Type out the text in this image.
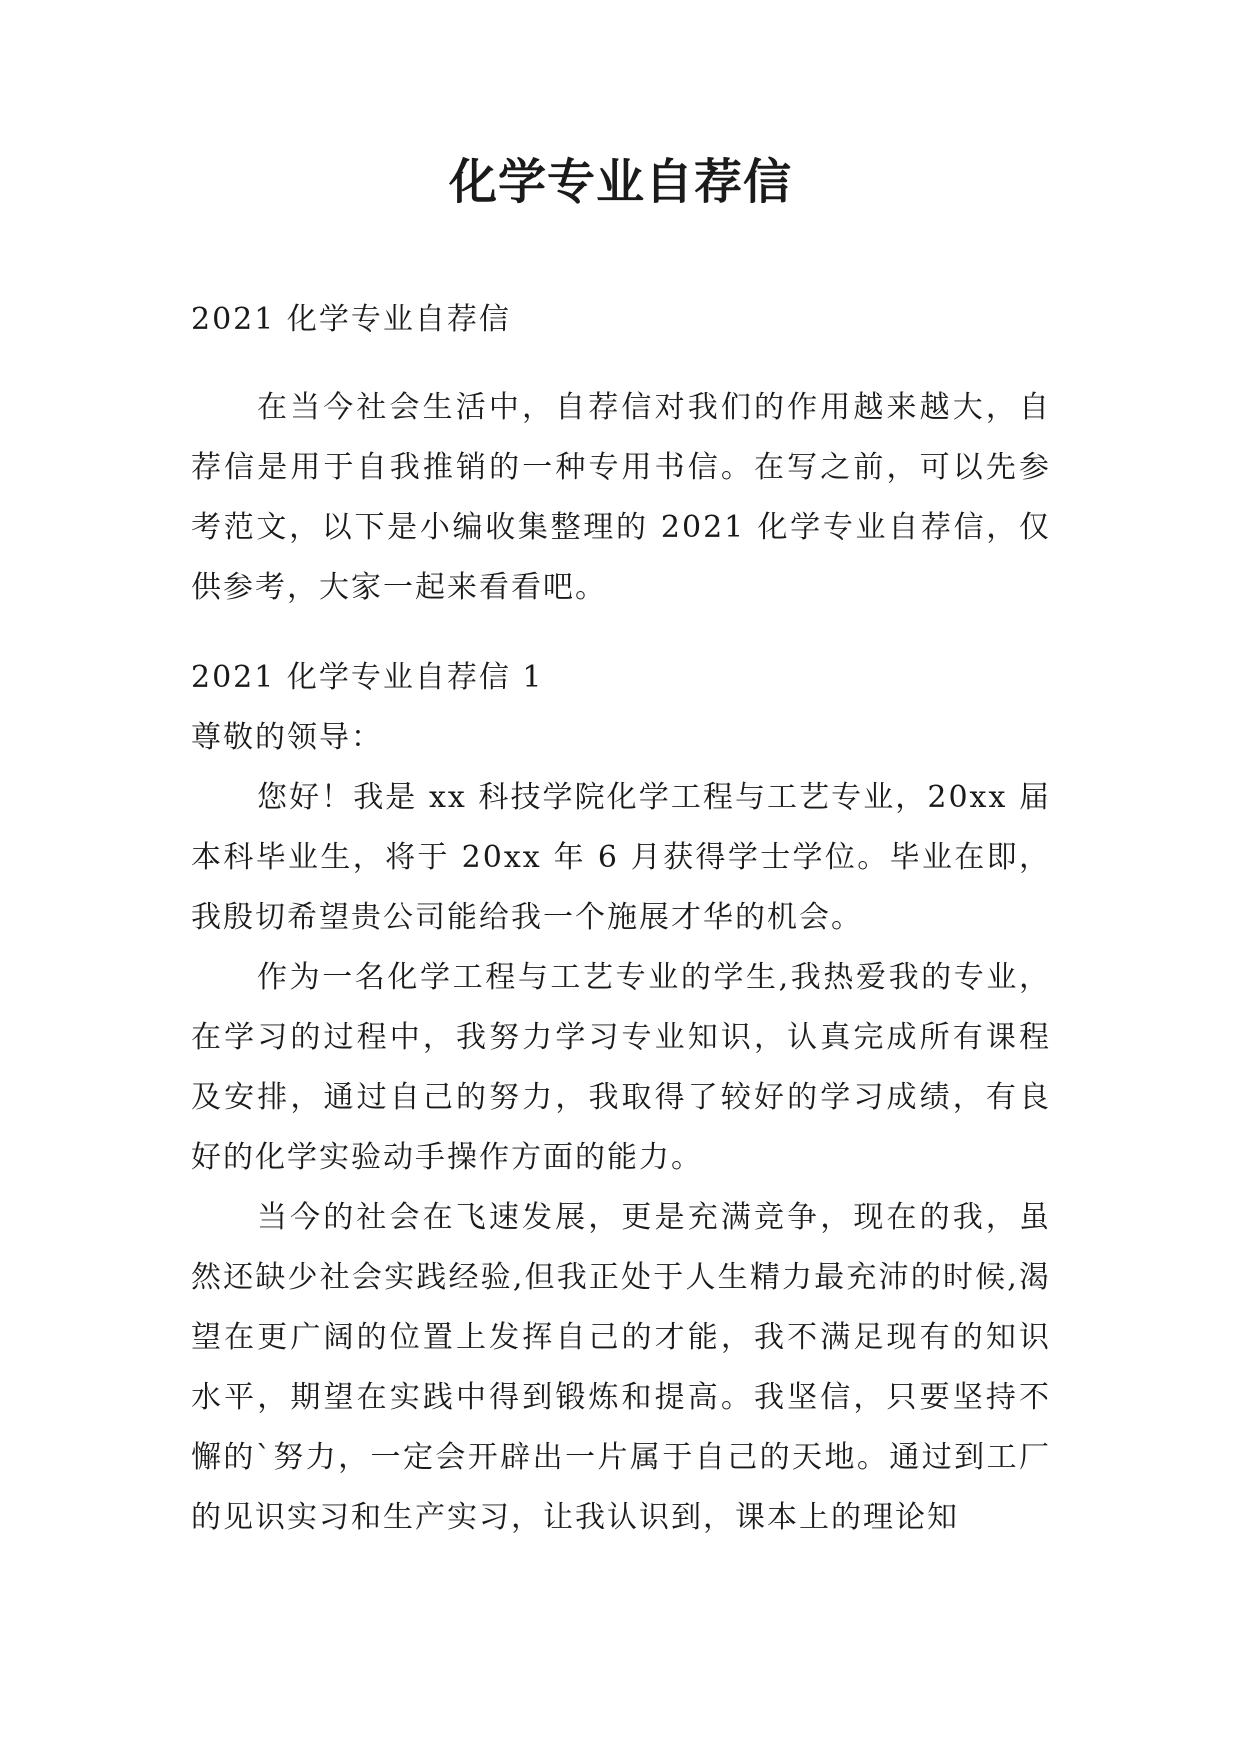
化学专业自荐信

2021 化学专业自荐信

在当今社会生活中，自荐信对我们的作用越来越大，自荐信是用于自我推销的一种专用书信。在写之前，可以先参考范文，以下是小编收集整理的 2021 化学专业自荐信，仅供参考，大家一起来看看吧。

2021 化学专业自荐信 1

尊敬的领导：

您好！我是 xx 科技学院化学工程与工艺专业，20xx 届本科毕业生，将于 20xx 年 6 月获得学士学位。毕业在即，我殷切希望贵公司能给我一个施展才华的机会。

作为一名化学工程与工艺专业的学生,我热爱我的专业，在学习的过程中，我努力学习专业知识，认真完成所有课程及安排，通过自己的努力，我取得了较好的学习成绩，有良好的化学实验动手操作方面的能力。

当今的社会在飞速发展，更是充满竞争，现在的我，虽然还缺少社会实践经验,但我正处于人生精力最充沛的时候,渴望在更广阔的位置上发挥自己的才能，我不满足现有的知识水平，期望在实践中得到锻炼和提高。我坚信，只要坚持不懈的`努力，一定会开辟出一片属于自己的天地。通过到工厂的见识实习和生产实习，让我认识到，课本上的理论知
